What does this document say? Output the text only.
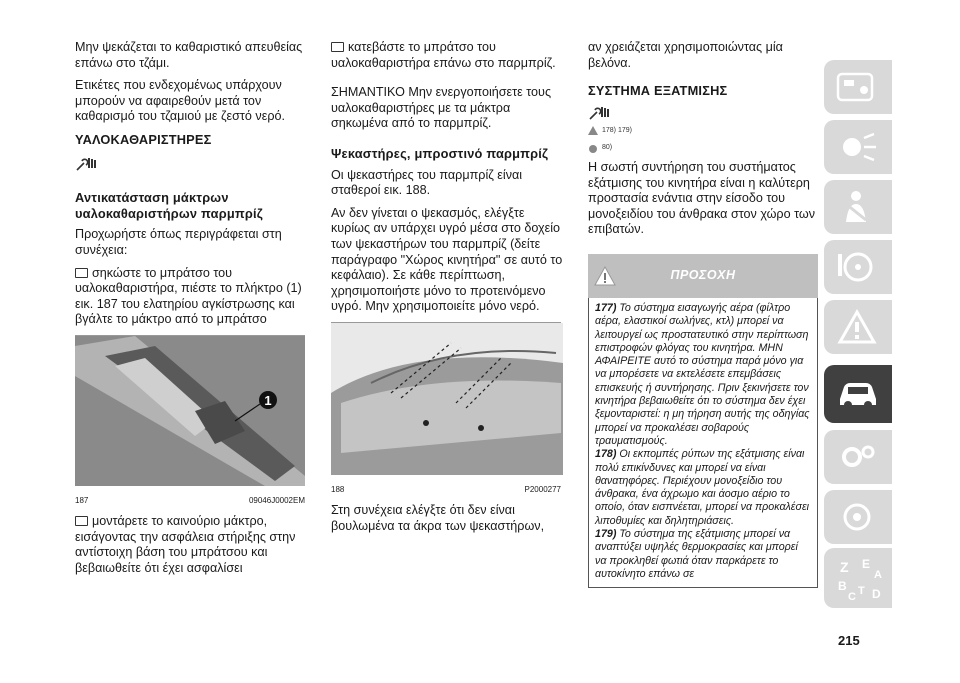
Μην ψεκάζεται το καθαριστικό απευθείας επάνω στο τζάμι.

Ετικέτες που ενδεχομένως υπάρχουν μπορούν να αφαιρεθούν μετά τον καθαρισμό του τζαμιού με ζεστό νερό.

ΥΑΛΟΚΑΘΑΡΙΣΤΗΡΕΣ
Αντικατάσταση μάκτρων υαλοκαθαριστήρων παρμπρίζ

Προχωρήστε όπως περιγράφεται στη συνέχεια:

σηκώστε το μπράτσο του υαλοκαθαριστήρα, πιέστε το πλήκτρο (1) εικ. 187 του ελατηρίου αγκίστρωσης και βγάλτε το μάκτρο από το μπράτσο

1
187	09046J0002EM

μοντάρετε το καινούριο μάκτρο, εισάγοντας την ασφάλεια στήριξης στην αντίστοιχη βάση του μπράτσου και βεβαιωθείτε ότι έχει ασφαλίσει

κατεβάστε το μπράτσο του υαλοκαθαριστήρα επάνω στο παρμπρίζ.

ΣΗΜΑΝΤΙΚΟ Μην ενεργοποιήσετε τους υαλοκαθαριστήρες με τα μάκτρα σηκωμένα από το παρμπρίζ.

Ψεκαστήρες, μπροστινό παρμπρίζ

Οι ψεκαστήρες του παρμπρίζ είναι σταθεροί εικ. 188.

Αν δεν γίνεται ο ψεκασμός, ελέγξτε κυρίως αν υπάρχει υγρό μέσα στο δοχείο των ψεκαστήρων του παρμπρίζ (δείτε παράγραφο "Χώρος κινητήρα" σε αυτό το κεφάλαιο). Σε κάθε περίπτωση, χρησιμοποιήστε μόνο το προτεινόμενο υγρό. Μην χρησιμοποιείτε μόνο νερό.

188	P2000277

Στη συνέχεια ελέγξτε ότι δεν είναι βουλωμένα τα άκρα των ψεκαστήρων,

αν χρειάζεται χρησιμοποιώντας μία βελόνα.

ΣΥΣΤΗΜΑ ΕΞΑΤΜΙΣΗΣ
178) 179)
80)

Η σωστή συντήρηση του συστήματος εξάτμισης του κινητήρα είναι η καλύτερη προστασία ενάντια στην είσοδο του μονοξειδίου του άνθρακα στον χώρο των επιβατών.

ΠΡΟΣΟΧΗ

177) Το σύστημα εισαγωγής αέρα (φίλτρο αέρα, ελαστικοί σωλήνες, κτλ) μπορεί να λειτουργεί ως προστατευτικό στην περίπτωση επιστροφών φλόγας του κινητήρα. ΜΗΝ ΑΦΑΙΡΕΙΤΕ αυτό το σύστημα παρά μόνο για να μπορέσετε να εκτελέσετε επεμβάσεις επισκευής ή συντήρησης. Πριν ξεκινήσετε τον κινητήρα βεβαιωθείτε ότι το σύστημα δεν έχει ξεμονταριστεί: η μη τήρηση αυτής της οδηγίας μπορεί να προκαλέσει σοβαρούς τραυματισμούς.

178) Οι εκπομπές ρύπων της εξάτμισης είναι πολύ επικίνδυνες και μπορεί να είναι θανατηφόρες. Περιέχουν μονοξείδιο του άνθρακα, ένα άχρωμο και άοσμο αέριο το οποίο, όταν εισπνέεται, μπορεί να προκαλέσει λιποθυμίες και δηλητηριάσεις.

179) Το σύστημα της εξάτμισης μπορεί να αναπτύξει υψηλές θερμοκρασίες και μπορεί να προκληθεί φωτιά όταν παρκάρετε το αυτοκίνητο επάνω σε	Z E
A
B
C D
T
215
